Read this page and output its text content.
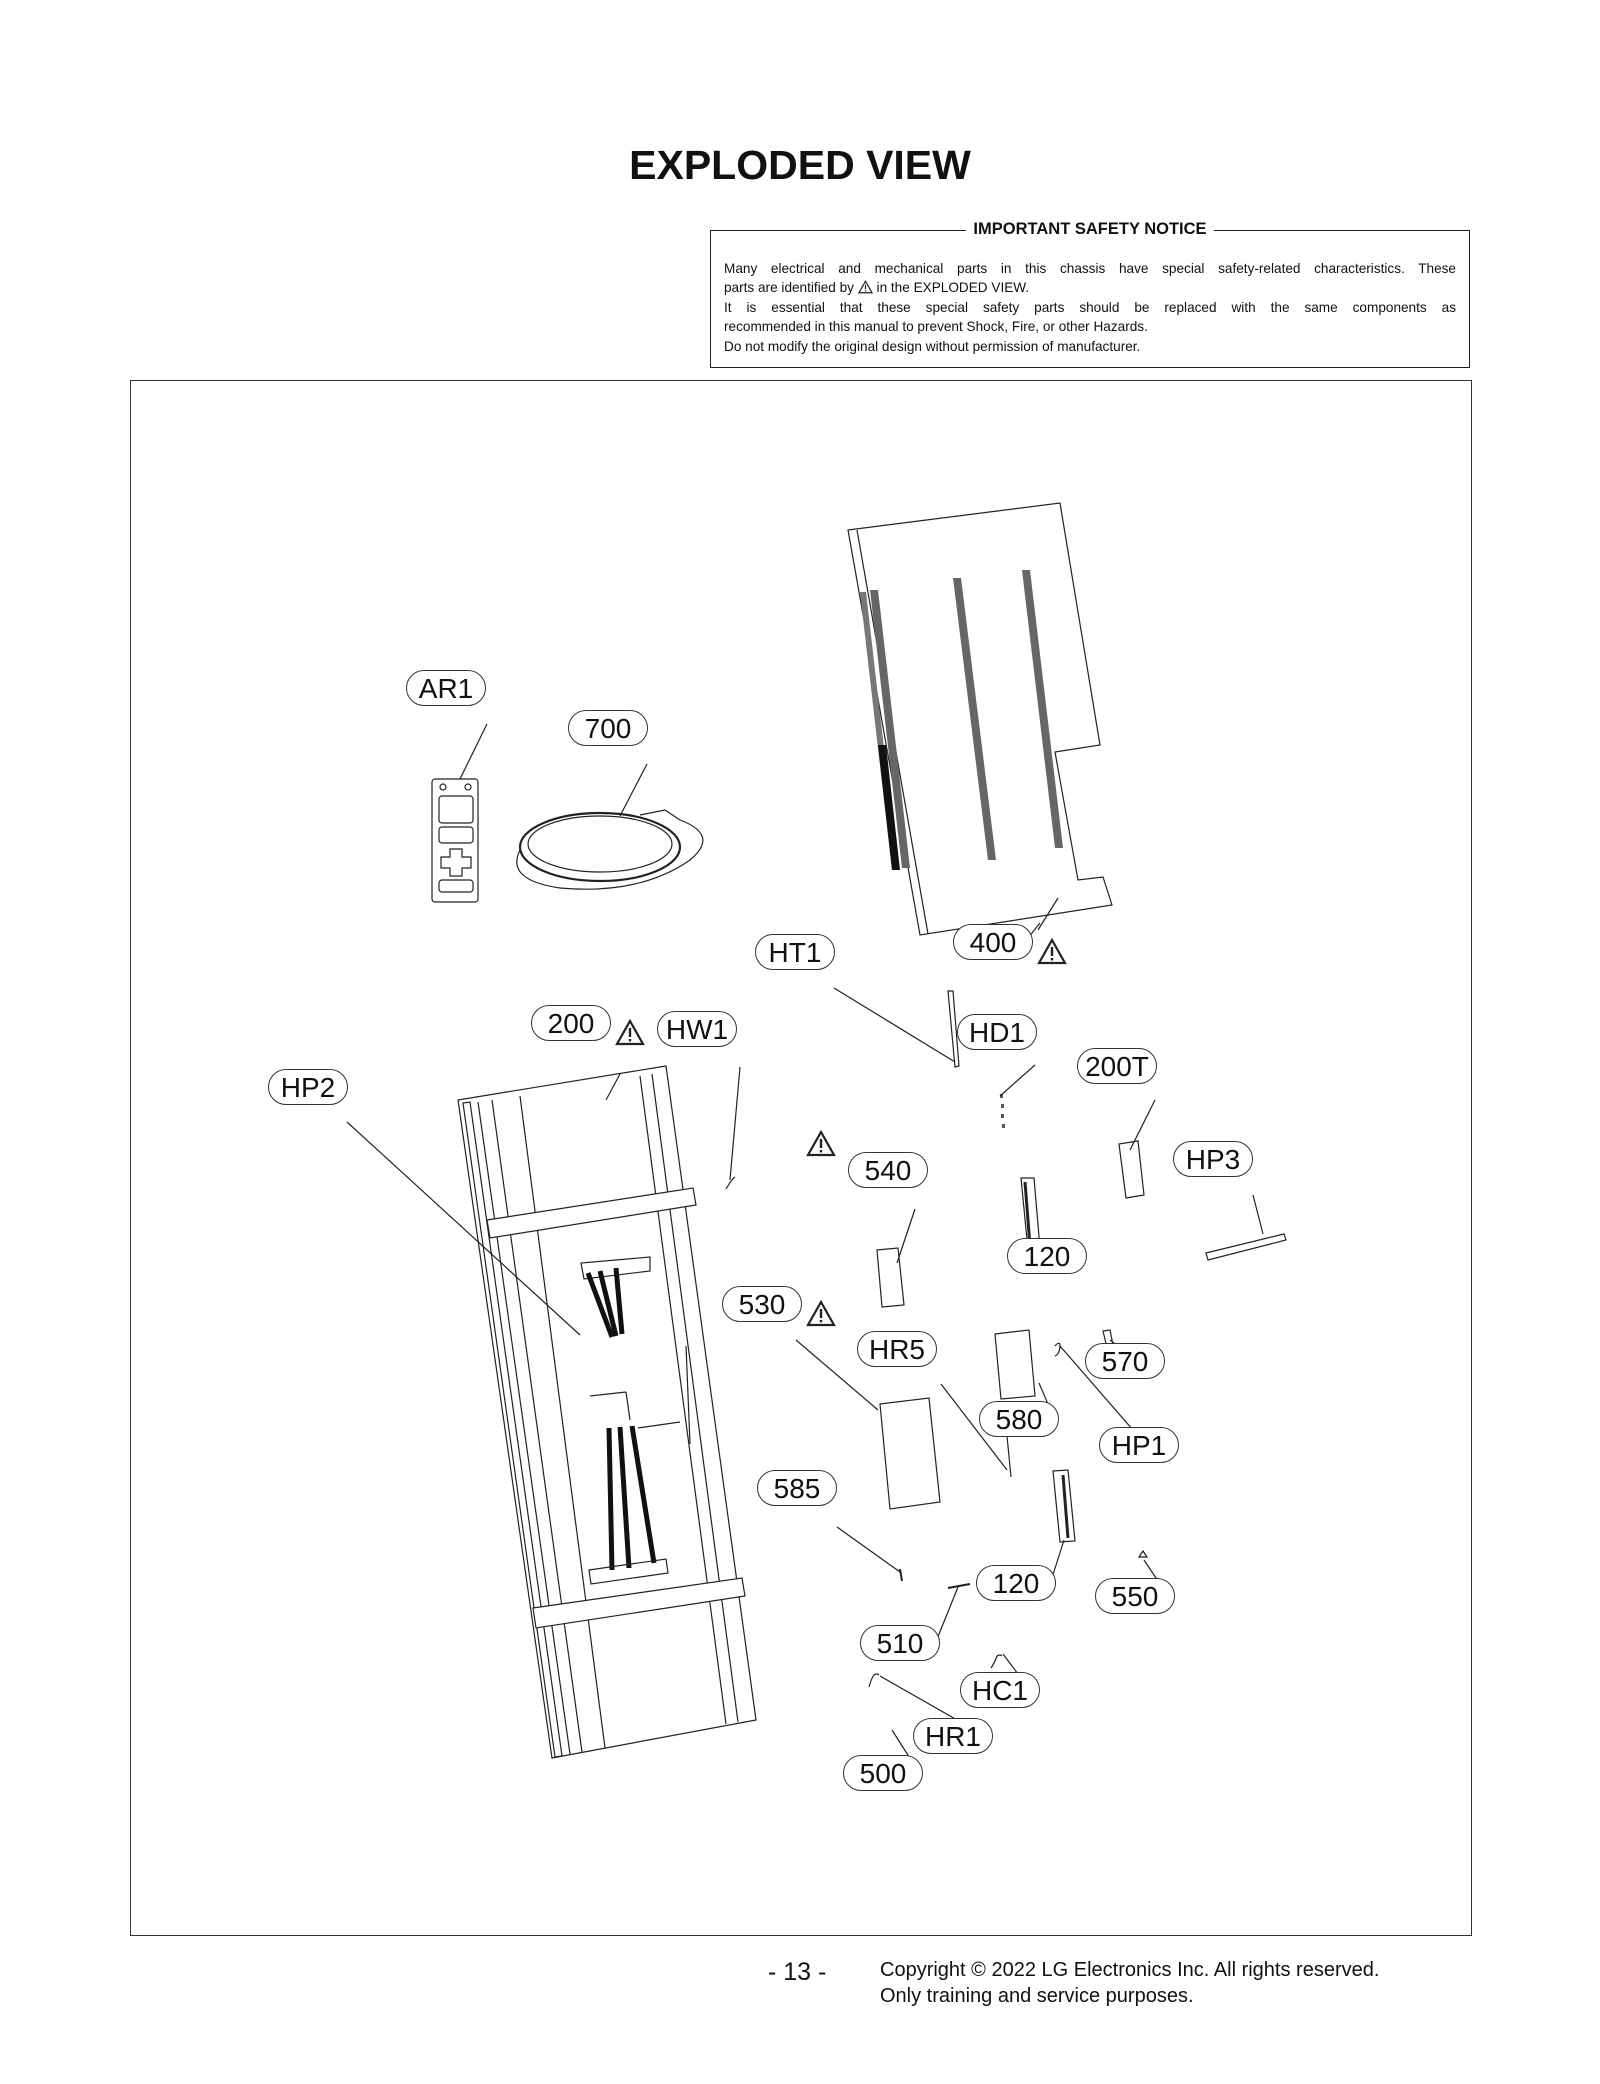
EXPLODED VIEW
IMPORTANT SAFETY NOTICE

Many electrical and mechanical parts in this chassis have special safety-related characteristics. These

parts are identified by in the EXPLODED VIEW.

It is essential that these special safety parts should be replaced with the same components as

recommended in this manual to prevent Shock, Fire, or other Hazards.

Do not modify the original design without permission of manufacturer.

AR1
700
HT1	400
200	HW1	HD1
200T
HP2
HP3
540
120
530
HR5	570
580
HP1
585
120	550
510
HC1
HR1
500
- 13 -	Copyright © 2022 LG Electronics Inc. All rights reserved.
Only training and service purposes.
